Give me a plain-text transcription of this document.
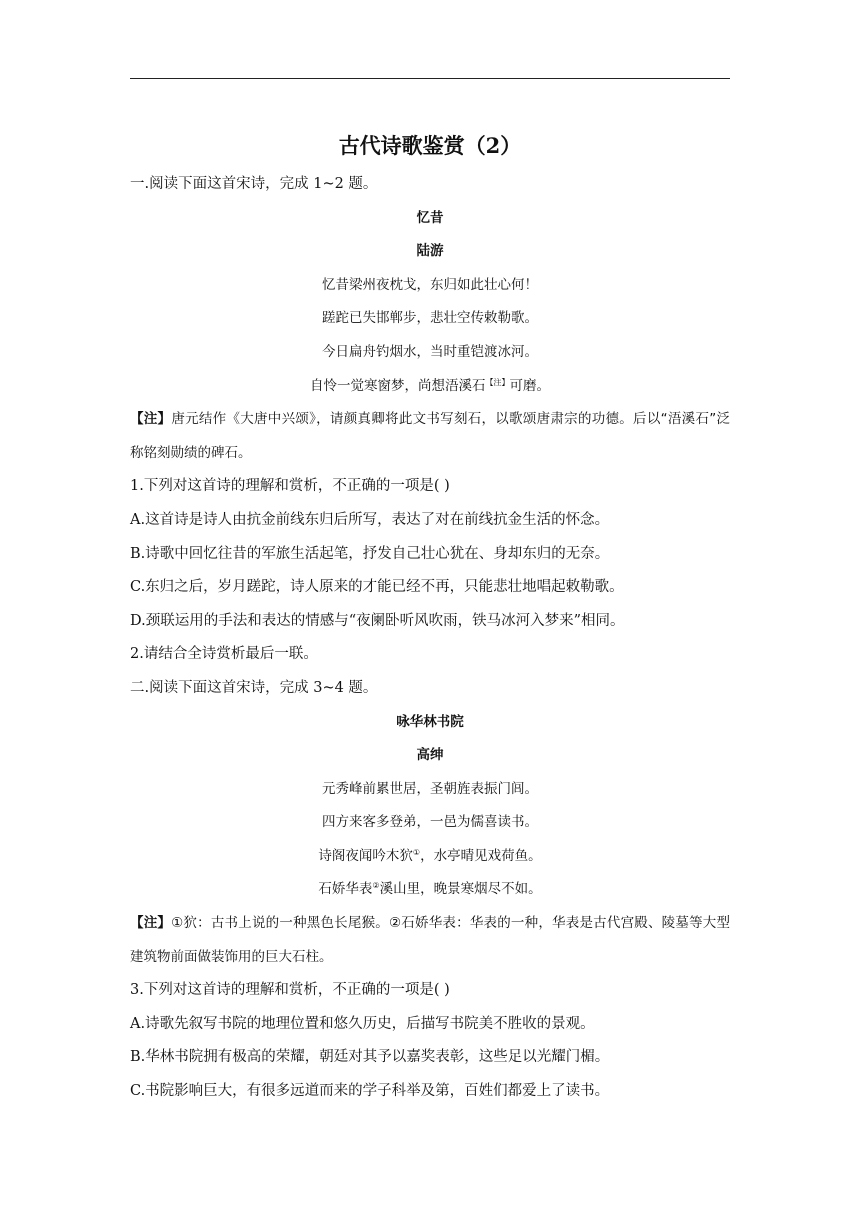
古代诗歌鉴赏（2）
一.阅读下面这首宋诗，完成 1~2 题。
忆昔
陆游
忆昔梁州夜枕戈，东归如此壮心何！
蹉跎已失邯郸步，悲壮空传敕勒歌。
今日扁舟钓烟水，当时重铠渡冰河。
自怜一觉寒窗梦，尚想浯溪石$^{【注】}$可磨。
【注】唐元结作《大唐中兴颂》，请颜真卿将此文书写刻石，以歌颂唐肃宗的功德。后以“浯溪石”泛称铭刻勋绩的碑石。
1.下列对这首诗的理解和赏析，不正确的一项是( )
A.这首诗是诗人由抗金前线东归后所写，表达了对在前线抗金生活的怀念。
B.诗歌中回忆往昔的军旅生活起笔，抒发自己壮心犹在、身却东归的无奈。
C.东归之后，岁月蹉跎，诗人原来的才能已经不再，只能悲壮地唱起敕勒歌。
D.颈联运用的手法和表达的情感与“夜阑卧听风吹雨，铁马冰河入梦来”相同。
2.请结合全诗赏析最后一联。
二.阅读下面这首宋诗，完成 3~4 题。
咏华林书院
高绅
元秀峰前累世居，圣朝旌表振门闾。
四方来客多登弟，一邑为儒喜读书。
诗阁夜闻吟木狖①，水亭晴见戏荷鱼。
石娇华表②溪山里，晚景寒烟尽不如。
【注】①狖：古书上说的一种黑色长尾猴。②石娇华表：华表的一种，华表是古代宫殿、陵墓等大型建筑物前面做装饰用的巨大石柱。
3.下列对这首诗的理解和赏析，不正确的一项是( )
A.诗歌先叙写书院的地理位置和悠久历史，后描写书院美不胜收的景观。
B.华林书院拥有极高的荣耀，朝廷对其予以嘉奖表彰，这些足以光耀门楣。
C.书院影响巨大，有很多远道而来的学子科举及第，百姓们都爱上了读书。
